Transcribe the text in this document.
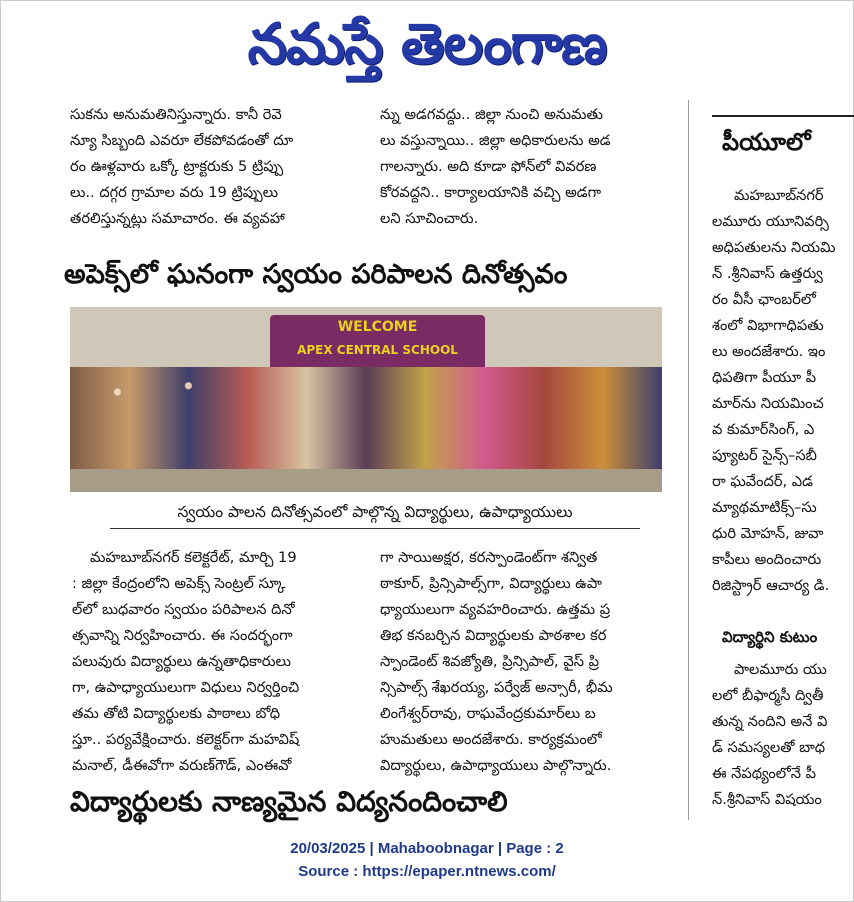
నమస్తే తెలంగాణ

సుకను అనుమతినిస్తున్నారు. కానీ రెవె

న్యూ సిబ్బంది ఎవరూ లేకపోవడంతో దూ

రం ఊళ్లవారు ఒక్కో ట్రాక్టరుకు 5 ట్రిప్పు

లు.. దగ్గర గ్రామాల వరు 19 ట్రిప్పులు

తరలిస్తున్నట్లు సమాచారం. ఈ వ్యవహా

న్ను అడగవద్దు.. జిల్లా నుంచి అనుమతు

లు వస్తున్నాయి.. జిల్లా అధికారులను అడ

గాలన్నారు. అది కూడా ఫోన్‌లో వివరణ

కోరవద్దని.. కార్యాలయానికి వచ్చి అడగా

లని సూచించారు.

అపెక్స్‌లో ఘనంగా స్వయం పరిపాలన దినోత్సవం
WELCOME
APEX CENTRAL SCHOOL
స్వయం పాలన దినోత్సవంలో పాల్గొన్న విద్యార్థులు, ఉపాధ్యాయులు

మహబూబ్‌నగర్ కలెక్టరేట్, మార్చి 19

: జిల్లా కేంద్రంలోని అపెక్స్ సెంట్రల్ స్కూ

ల్‌లో బుధవారం స్వయం పరిపాలన దినో

త్సవాన్ని నిర్వహించారు. ఈ సందర్భంగా

పలువురు విద్యార్థులు ఉన్నతాధికారులు

గా, ఉపాధ్యాయులుగా విధులు నిర్వర్తించి

తమ తోటి విద్యార్థులకు పాఠాలు బోధి

స్తూ.. పర్యవేక్షించారు. కలెక్టర్‌గా మహవిష్

మనాల్, డీఈవోగా వరుణ్‌గౌడ్, ఎంఈవో

గా సాయిఅక్షర, కరస్పాండెంట్‌గా శన్విత

ఠాకూర్, ప్రిన్సిపాల్స్‌గా, విద్యార్థులు ఉపా

ధ్యాయులుగా వ్యవహరించారు. ఉత్తమ ప్ర

తిభ కనబర్చిన విద్యార్థులకు పాఠశాల కర

స్పాండెంట్ శివజ్యోతి, ప్రిన్సిపాల్, వైస్ ప్రి

న్సిపాల్స్ శేఖరయ్య, పర్వేజ్ అన్సారీ, భీమ

లింగేశ్వర్‌రావు, రాఘవేంద్రకుమార్‌లు బ

హుమతులు అందజేశారు. కార్యక్రమంలో

విద్యార్థులు, ఉపాధ్యాయులు పాల్గొన్నారు.

పీయూలో
మహబూబ్‌నగర్
లమూరు యూనివర్సి
అధిపతులను నియమి
న్ .శ్రీనివాస్ ఉత్తర్వు
రం వీసీ ఛాంబర్‌లో
శంలో విభాగాధిపతు
లు అందజేశారు. ఇం
ధిపతిగా పీయూ పీ
మార్‌ను నియమించ
వ కుమార్‌సింగ్, ఎ
ప్యూటర్ సైన్స్–సబీ
రా ఘవేందర్, ఎడ
మ్యాథమాటిక్స్–సు
ధురి మోహన్, జువా
కాపీలు అందించారు
రిజిస్ట్రార్ ఆచార్య డి.
విద్యార్థిని కుటుం
పాలమూరు యు
లలో బీఫార్మసీ ద్వితీ
తున్న నందిని అనే వి
డ్ సమస్యలతో బాధ
ఈ నేపథ్యంలోనే పీ
న్.శ్రీనివాస్ విషయం
విద్యార్థులకు నాణ్యమైన విద్యనందించాలి
20/03/2025 | Mahaboobnagar | Page : 2
Source : https://epaper.ntnews.com/
